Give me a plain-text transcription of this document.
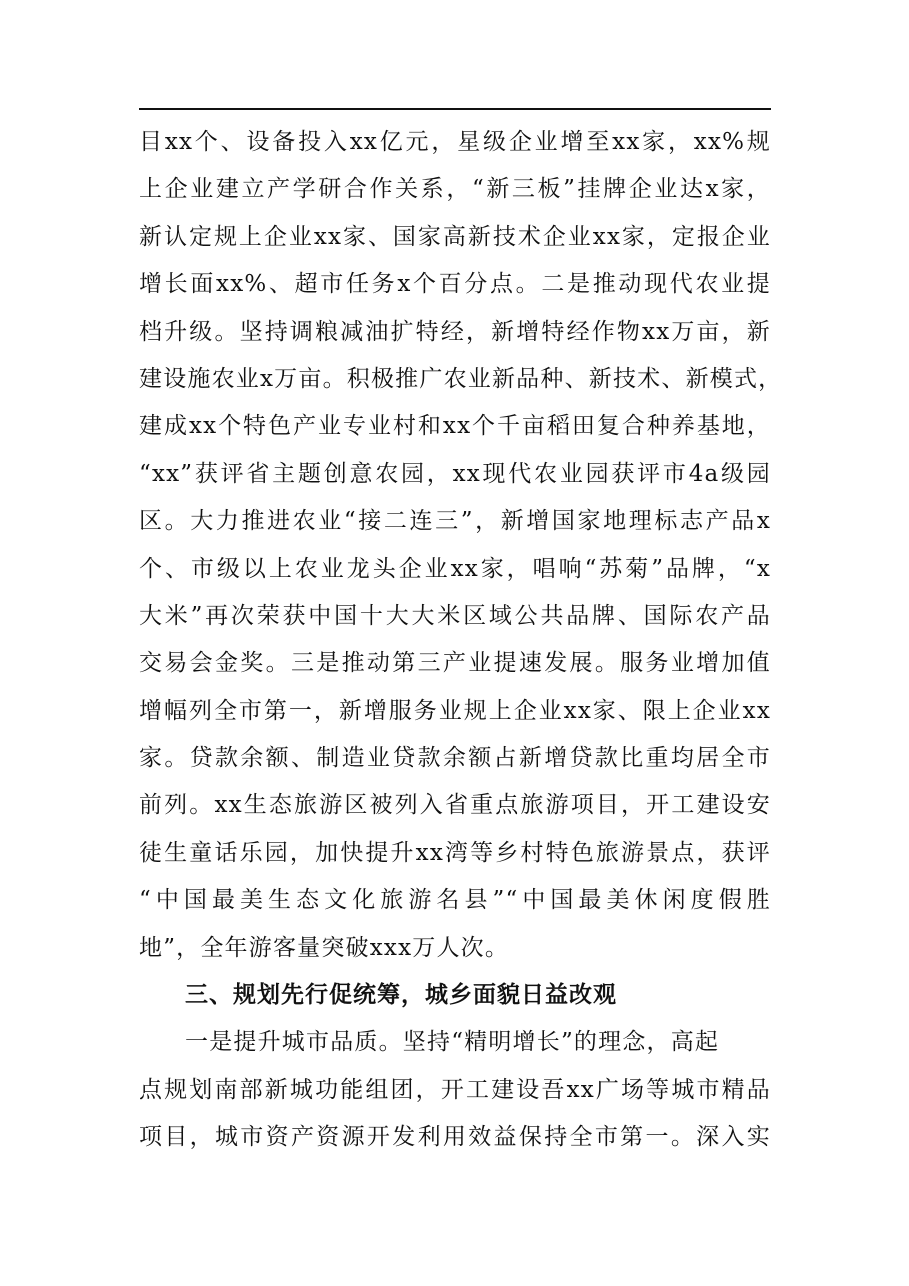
目xx个、设备投入xx亿元，星级企业增至xx家，xx%规
上企业建立产学研合作关系，“新三板”挂牌企业达x家，
新认定规上企业xx家、国家高新技术企业xx家，定报企业
增长面xx%、超市任务x个百分点。二是推动现代农业提
档升级。坚持调粮减油扩特经，新增特经作物xx万亩，新
建设施农业x万亩。积极推广农业新品种、新技术、新模式，
建成xx个特色产业专业村和xx个千亩稻田复合种养基地，
“xx”获评省主题创意农园，xx现代农业园获评市4a级园
区。大力推进农业“接二连三”，新增国家地理标志产品x
个、市级以上农业龙头企业xx家，唱响“苏菊”品牌，“x
大米”再次荣获中国十大大米区域公共品牌、国际农产品
交易会金奖。三是推动第三产业提速发展。服务业增加值
增幅列全市第一，新增服务业规上企业xx家、限上企业xx
家。贷款余额、制造业贷款余额占新增贷款比重均居全市
前列。xx生态旅游区被列入省重点旅游项目，开工建设安
徒生童话乐园，加快提升xx湾等乡村特色旅游景点，获评
“中国最美生态文化旅游名县”“中国最美休闲度假胜
地”，全年游客量突破xxx万人次。
三、规划先行促统筹，城乡面貌日益改观
一是提升城市品质。坚持“精明增长”的理念，高起
点规划南部新城功能组团，开工建设吾xx广场等城市精品
项目，城市资产资源开发利用效益保持全市第一。深入实
